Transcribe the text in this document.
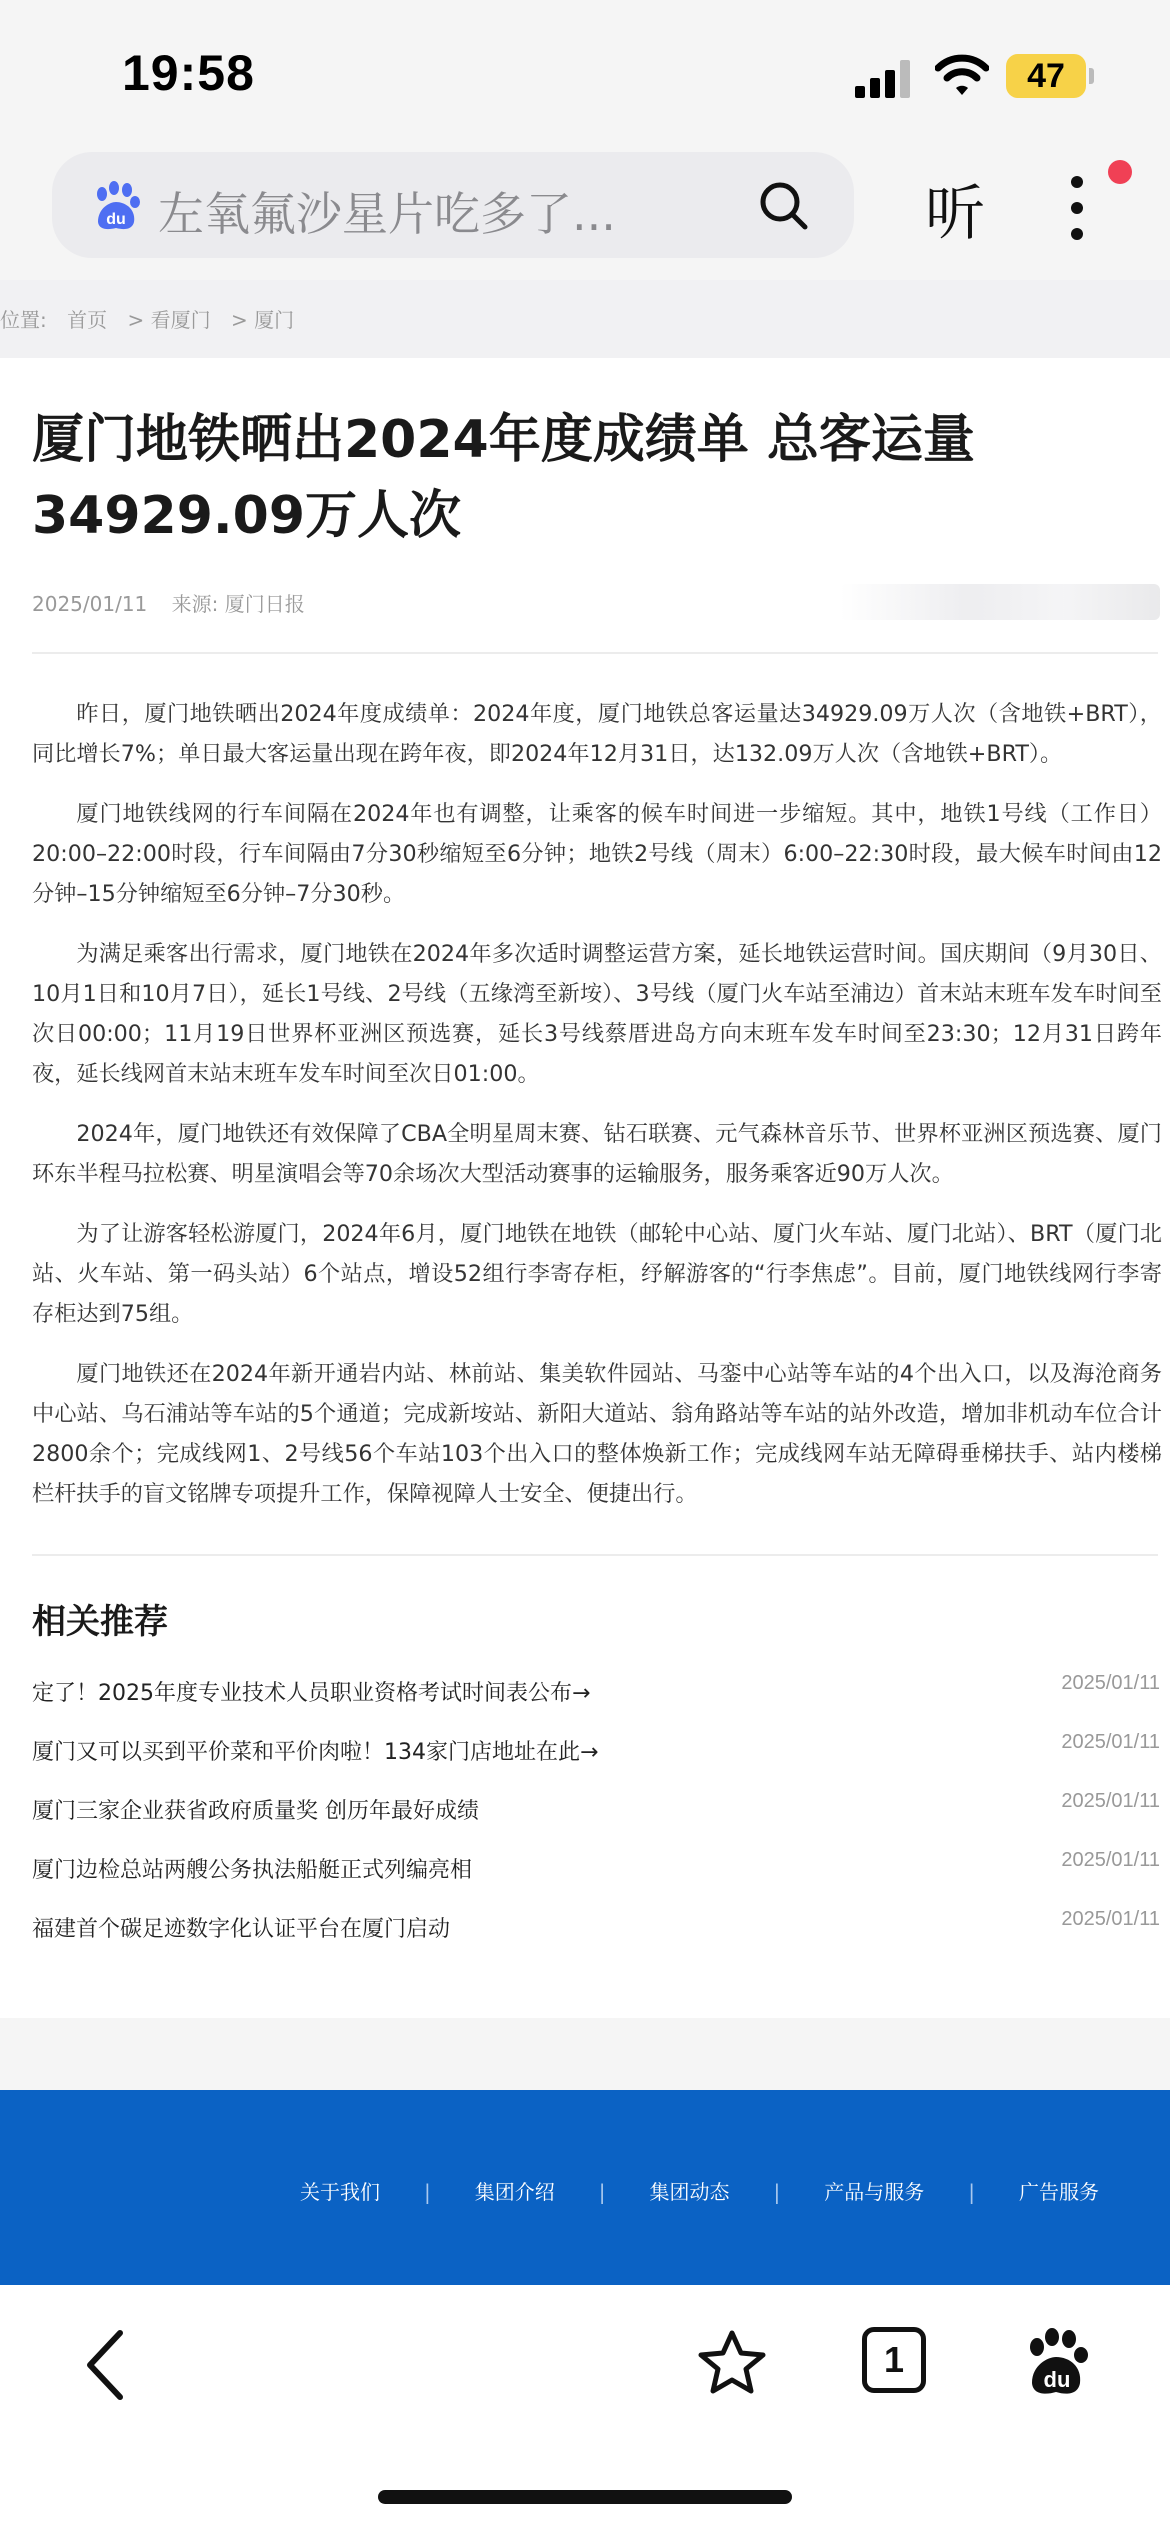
19:58	47
du 左氧氟沙星片吃多了...	听
位置: 首页 > 看厦门 > 厦门
厦门地铁晒出2024年度成绩单 总客运量34929.09万人次
2025/01/11 来源: 厦门日报

昨日，厦门地铁晒出2024年度成绩单：2024年度，厦门地铁总客运量达34929.09万人次（含地铁+BRT），同比增长7%；单日最大客运量出现在跨年夜，即2024年12月31日，达132.09万人次（含地铁+BRT）。

厦门地铁线网的行车间隔在2024年也有调整，让乘客的候车时间进一步缩短。其中，地铁1号线（工作日）20:00–22:00时段，行车间隔由7分30秒缩短至6分钟；地铁2号线（周末）6:00–22:30时段，最大候车时间由12分钟–15分钟缩短至6分钟–7分30秒。

为满足乘客出行需求，厦门地铁在2024年多次适时调整运营方案，延长地铁运营时间。国庆期间（9月30日、10月1日和10月7日），延长1号线、2号线（五缘湾至新垵）、3号线（厦门火车站至浦边）首末站末班车发车时间至次日00:00；11月19日世界杯亚洲区预选赛，延长3号线蔡厝进岛方向末班车发车时间至23:30；12月31日跨年夜，延长线网首末站末班车发车时间至次日01:00。

2024年，厦门地铁还有效保障了CBA全明星周末赛、钻石联赛、元气森林音乐节、世界杯亚洲区预选赛、厦门环东半程马拉松赛、明星演唱会等70余场次大型活动赛事的运输服务，服务乘客近90万人次。

为了让游客轻松游厦门，2024年6月，厦门地铁在地铁（邮轮中心站、厦门火车站、厦门北站）、BRT（厦门北站、火车站、第一码头站）6个站点，增设52组行李寄存柜，纾解游客的“行李焦虑”。目前，厦门地铁线网行李寄存柜达到75组。

厦门地铁还在2024年新开通岩内站、林前站、集美软件园站、马銮中心站等车站的4个出入口，以及海沧商务中心站、乌石浦站等车站的5个通道；完成新垵站、新阳大道站、翁角路站等车站的站外改造，增加非机动车位合计2800余个；完成线网1、2号线56个车站103个出入口的整体焕新工作；完成线网车站无障碍垂梯扶手、站内楼梯栏杆扶手的盲文铭牌专项提升工作，保障视障人士安全、便捷出行。

相关推荐
定了！2025年度专业技术人员职业资格考试时间表公布→	2025/01/11
厦门又可以买到平价菜和平价肉啦！134家门店地址在此→	2025/01/11
厦门三家企业获省政府质量奖 创历年最好成绩	2025/01/11
厦门边检总站两艘公务执法船艇正式列编亮相	2025/01/11
福建首个碳足迹数字化认证平台在厦门启动	2025/01/11
关于我们 | 集团介绍 | 集团动态 | 产品与服务 | 广告服务
1	du
